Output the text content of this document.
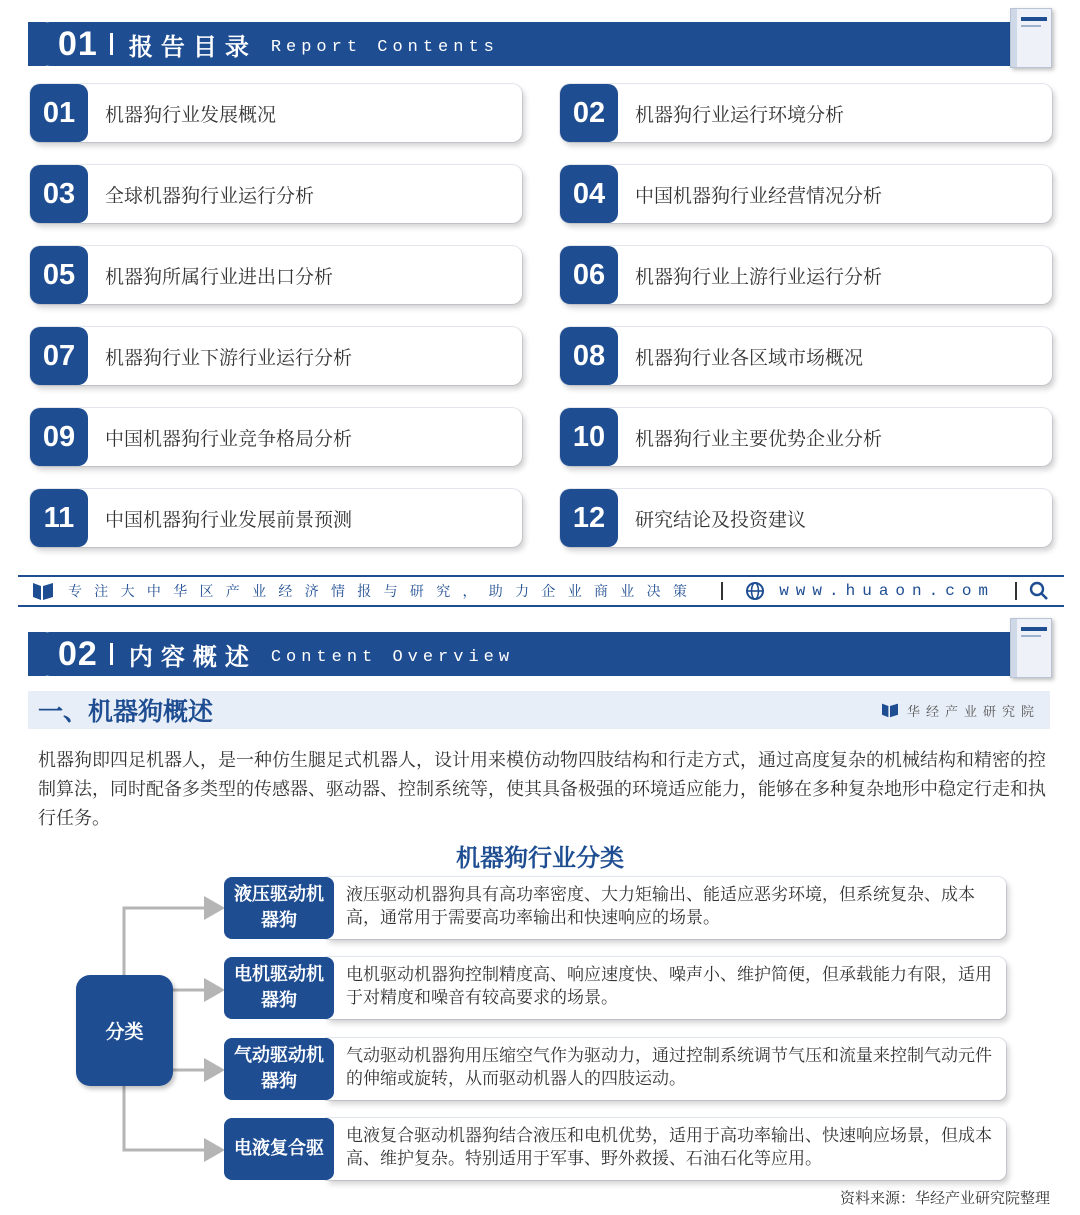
01 报告目录 Report Contents
01	机器狗行业发展概况	02	机器狗行业运行环境分析
03	全球机器狗行业运行分析	04	中国机器狗行业经营情况分析
05	机器狗所属行业进出口分析	06	机器狗行业上游行业运行分析
07	机器狗行业下游行业运行分析	08	机器狗行业各区域市场概况
09	中国机器狗行业竞争格局分析	10	机器狗行业主要优势企业分析
11	中国机器狗行业发展前景预测	12	研究结论及投资建议
专注大中华区产业经济情报与研究，助力企业商业决策	www.huaon.com
02 内容概述 Content Overview
一、机器狗概述	华经产业研究院

机器狗即四足机器人，是一种仿生腿足式机器人，设计用来模仿动物四肢结构和行走方式，通过高度复杂的机械结构和精密的控制算法，同时配备多类型的传感器、驱动器、控制系统等，使其具备极强的环境适应能力，能够在多种复杂地形中稳定行走和执行任务。

机器狗行业分类
分类
液压驱动机器狗
液压驱动机器狗具有高功率密度、大力矩输出、能适应恶劣环境，但系统复杂、成本高，通常用于需要高功率输出和快速响应的场景。
电机驱动机器狗
电机驱动机器狗控制精度高、响应速度快、噪声小、维护简便，但承载能力有限，适用于对精度和噪音有较高要求的场景。
气动驱动机器狗
气动驱动机器狗用压缩空气作为驱动力，通过控制系统调节气压和流量来控制气动元件的伸缩或旋转，从而驱动机器人的四肢运动。
电液复合驱
电液复合驱动机器狗结合液压和电机优势，适用于高功率输出、快速响应场景，但成本高、维护复杂。特别适用于军事、野外救援、石油石化等应用。
资料来源：华经产业研究院整理
